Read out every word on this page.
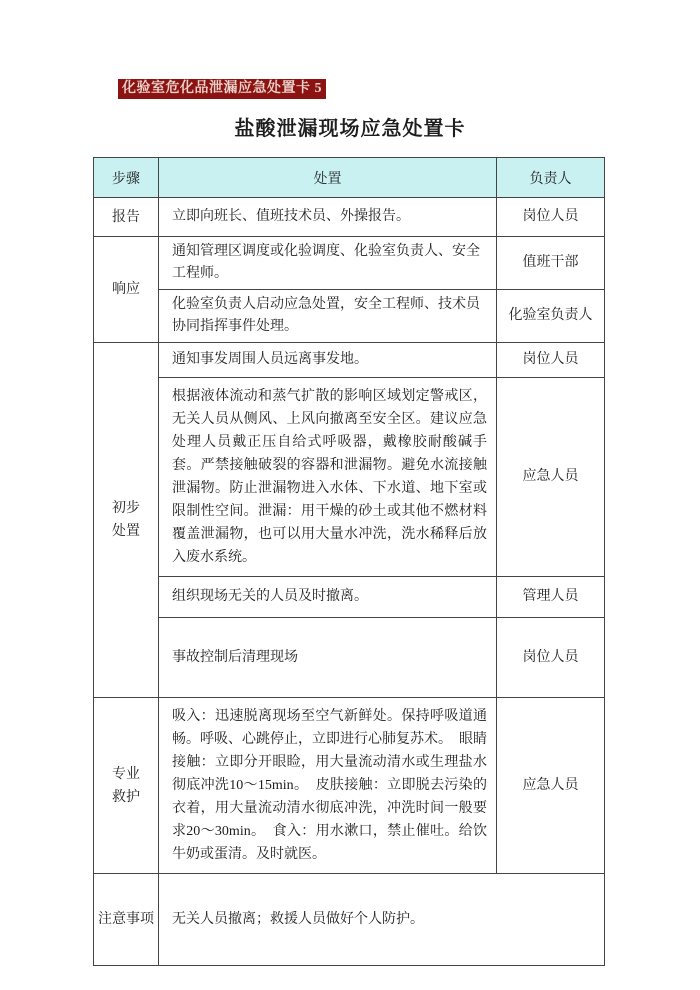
化验室危化品泄漏应急处置卡 5
盐酸泄漏现场应急处置卡
步骤	处置	负责人
报告	立即向班长、值班技术员、外操报告。	岗位人员
响应	通知管理区调度或化验调度、化验室负责人、安全工程师。	值班干部
	化验室负责人启动应急处置，安全工程师、技术员协同指挥事件处理。	化验室负责人
初步处置	通知事发周围人员远离事发地。	岗位人员
	根据液体流动和蒸气扩散的影响区域划定警戒区，无关人员从侧风、上风向撤离至安全区。建议应急处理人员戴正压自给式呼吸器，戴橡胶耐酸碱手套。严禁接触破裂的容器和泄漏物。避免水流接触泄漏物。防止泄漏物进入水体、下水道、地下室或限制性空间。泄漏：用干燥的砂土或其他不燃材料覆盖泄漏物，也可以用大量水冲洗，洗水稀释后放入废水系统。	应急人员
	组织现场无关的人员及时撤离。	管理人员
	事故控制后清理现场	岗位人员
专业救护	吸入：迅速脱离现场至空气新鲜处。保持呼吸道通畅。呼吸、心跳停止，立即进行心肺复苏术。　眼睛接触：立即分开眼睑，用大量流动清水或生理盐水彻底冲洗10～15min。　皮肤接触：立即脱去污染的衣着，用大量流动清水彻底冲洗，冲洗时间一般要求20～30min。　食入：用水漱口，禁止催吐。给饮牛奶或蛋清。及时就医。	应急人员
注意事项	无关人员撤离；救援人员做好个人防护。	
